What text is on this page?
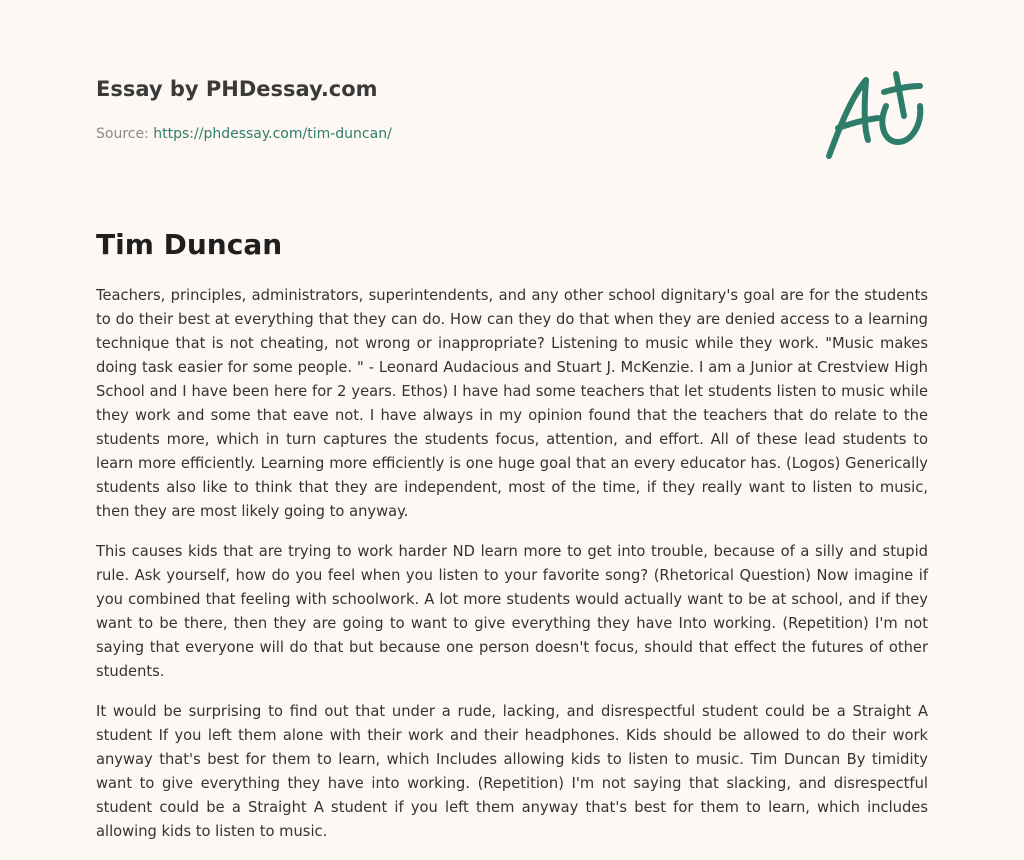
Essay by PHDessay.com
Source: https://phdessay.com/tim-duncan/
Tim Duncan

Teachers, principles, administrators, superintendents, and any other school dignitary's goal are for the students to do their best at everything that they can do. How can they do that when they are denied access to a learning technique that is not cheating, not wrong or inappropriate? Listening to music while they work. "Music makes doing task easier for some people. " - Leonard Audacious and Stuart J. McKenzie. I am a Junior at Crestview High School and I have been here for 2 years. Ethos) I have had some teachers that let students listen to music while they work and some that eave not. I have always in my opinion found that the teachers that do relate to the students more, which in turn captures the students focus, attention, and effort. All of these lead students to learn more efficiently. Learning more efficiently is one huge goal that an every educator has. (Logos) Generically students also like to think that they are independent, most of the time, if they really want to listen to music, then they are most likely going to anyway.

This causes kids that are trying to work harder ND learn more to get into trouble, because of a silly and stupid rule. Ask yourself, how do you feel when you listen to your favorite song? (Rhetorical Question) Now imagine if you combined that feeling with schoolwork. A lot more students would actually want to be at school, and if they want to be there, then they are going to want to give everything they have Into working. (Repetition) I'm not saying that everyone will do that but because one person doesn't focus, should that effect the futures of other students.

It would be surprising to find out that under a rude, lacking, and disrespectful student could be a Straight A student If you left them alone with their work and their headphones. Kids should be allowed to do their work anyway that's best for them to learn, which Includes allowing kids to listen to music. Tim Duncan By timidity want to give everything they have into working. (Repetition) I'm not saying that slacking, and disrespectful student could be a Straight A student if you left them anyway that's best for them to learn, which includes allowing kids to listen to music.
